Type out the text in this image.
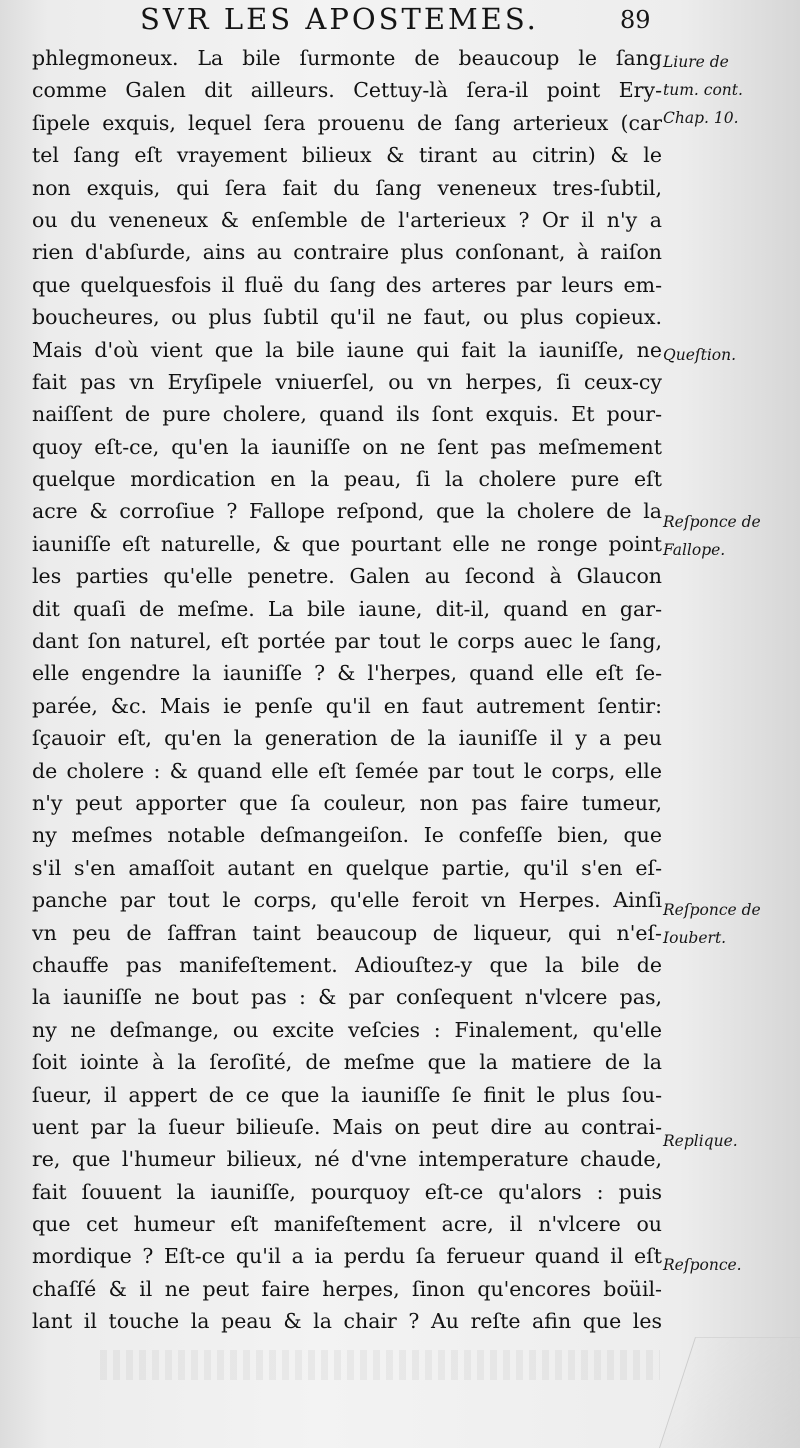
SVR LES APOSTEMES.	89
phlegmoneux. La bile ſurmonte de beaucoup le ſang
comme Galen dit ailleurs. Cettuy-là ſera-il point Ery-
ſipele exquis, lequel ſera prouenu de ſang arterieux (car
tel ſang eſt vrayement bilieux & tirant au citrin) & le
non exquis, qui ſera fait du ſang veneneux tres-ſubtil,
ou du veneneux & enſemble de l'arterieux ? Or il n'y a
rien d'abſurde, ains au contraire plus conſonant, à raiſon
que quelquesfois il fluë du ſang des arteres par leurs em-
boucheures, ou plus ſubtil qu'il ne faut, ou plus copieux.
Mais d'où vient que la bile iaune qui fait la iauniſſe, ne
fait pas vn Eryſipele vniuerſel, ou vn herpes, ſi ceux-cy
naiſſent de pure cholere, quand ils ſont exquis. Et pour-
quoy eſt-ce, qu'en la iauniſſe on ne ſent pas meſmement
quelque mordication en la peau, ſi la cholere pure eſt
acre & corroſiue ? Fallope reſpond, que la cholere de la
iauniſſe eſt naturelle, & que pourtant elle ne ronge point
les parties qu'elle penetre. Galen au ſecond à Glaucon
dit quaſi de meſme. La bile iaune, dit-il, quand en gar-
dant ſon naturel, eſt portée par tout le corps auec le ſang,
elle engendre la iauniſſe ? & l'herpes, quand elle eſt ſe-
parée, &c. Mais ie penſe qu'il en faut autrement ſentir:
ſçauoir eſt, qu'en la generation de la iauniſſe il y a peu
de cholere : & quand elle eſt ſemée par tout le corps, elle
n'y peut apporter que ſa couleur, non pas faire tumeur,
ny meſmes notable deſmangeiſon. Ie confeſſe bien, que
s'il s'en amaſſoit autant en quelque partie, qu'il s'en eſ-
panche par tout le corps, qu'elle feroit vn Herpes. Ainſi
vn peu de ſaffran taint beaucoup de liqueur, qui n'eſ-
chauffe pas manifeſtement. Adiouſtez-y que la bile de
la iauniſſe ne bout pas : & par conſequent n'vlcere pas,
ny ne deſmange, ou excite veſcies : Finalement, qu'elle
ſoit iointe à la ſeroſité, de meſme que la matiere de la
ſueur, il appert de ce que la iauniſſe ſe finit le plus ſou-
uent par la ſueur bilieuſe. Mais on peut dire au contrai-
re, que l'humeur bilieux, né d'vne intemperature chaude,
fait ſouuent la iauniſſe, pourquoy eſt-ce qu'alors : puis
que cet humeur eſt manifeſtement acre, il n'vlcere ou
mordique ? Eſt-ce qu'il a ia perdu ſa ferueur quand il eſt
chaſſé & il ne peut faire herpes, ſinon qu'encores boüil-
lant il touche la peau & la chair ? Au reſte afin que les
Liure de
tum. cont.
Chap. 10.
Queſtion.
Reſponce de
Fallope.
Reſponce de
Ioubert.
Replique.
Reſponce.
